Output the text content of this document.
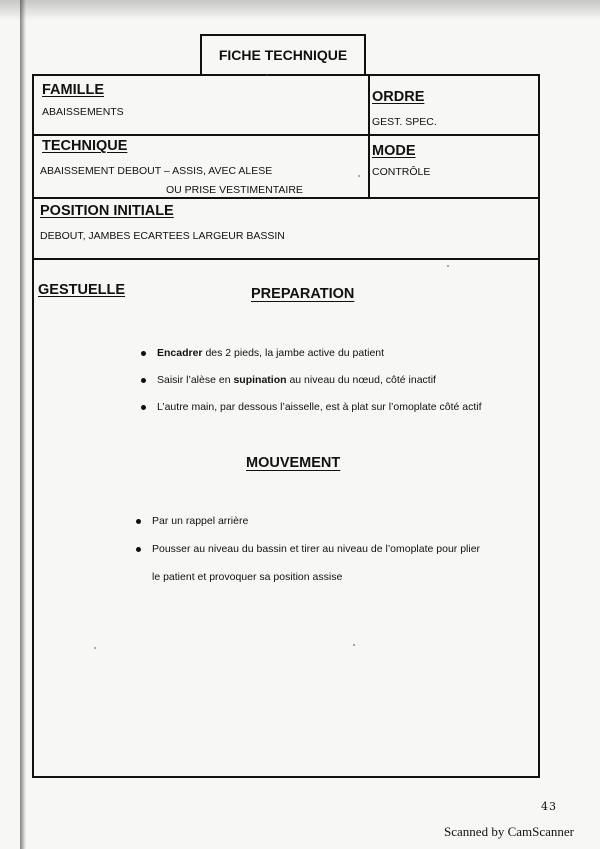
FICHE TECHNIQUE
FAMILLE
ABAISSEMENTS
ORDRE
GEST. SPEC.
TECHNIQUE
ABAISSEMENT DEBOUT – ASSIS, AVEC ALESE
OU PRISE VESTIMENTAIRE
MODE
CONTRÔLE
POSITION INITIALE
DEBOUT, JAMBES ECARTEES LARGEUR BASSIN
GESTUELLE	PREPARATION
Encadrer des 2 pieds, la jambe active du patient
Saisir l’alèse en supination au niveau du nœud, côté inactif
L’autre main, par dessous l’aisselle, est à plat sur l’omoplate côté actif
MOUVEMENT
Par un rappel arrière
Pousser au niveau du bassin et tirer au niveau de l’omoplate pour plier
le patient et provoquer sa position assise
43
Scanned by CamScanner
